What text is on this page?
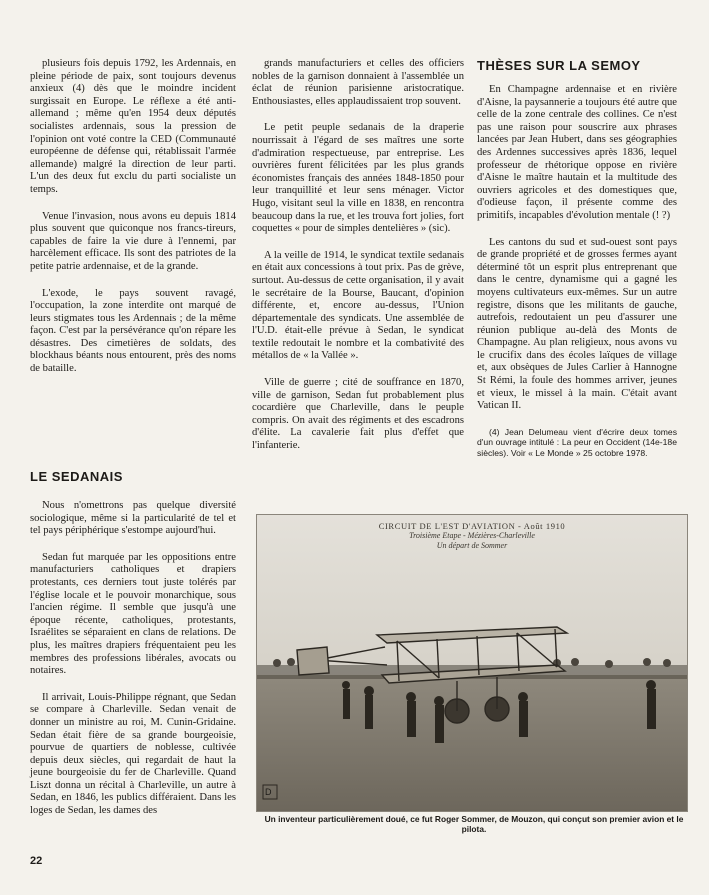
plusieurs fois depuis 1792, les Ardennais, en pleine période de paix, sont toujours devenus anxieux (4) dès que le moindre incident surgissait en Europe. Le réflexe a été anti-allemand ; même qu'en 1954 deux députés socialistes ardennais, sous la pression de l'opinion ont voté contre la CED (Communauté européenne de défense qui, rétablissait l'armée allemande) malgré la direction de leur parti. L'un des deux fut exclu du parti socialiste un temps.

Venue l'invasion, nous avons eu depuis 1814 plus souvent que quiconque nos francs-tireurs, capables de faire la vie dure à l'ennemi, par harcèlement efficace. Ils sont des patriotes de la petite patrie ardennaise, et de la grande.

L'exode, le pays souvent ravagé, l'occupation, la zone interdite ont marqué de leurs stigmates tous les Ardennais ; de la même façon. C'est par la persévérance qu'on répare les désastres. Des cimetières de soldats, des blockhaus béants nous entourent, près des noms de bataille.

LE SEDANAIS

Nous n'omettrons pas quelque diversité sociologique, même si la particularité de tel et tel pays périphérique s'estompe aujourd'hui.

Sedan fut marquée par les oppositions entre manufacturiers catholiques et drapiers protestants, ces derniers tout juste tolérés par l'église locale et le pouvoir monarchique, sous l'ancien régime. Il semble que jusqu'à une époque récente, catholiques, protestants, Israélites se séparaient en clans de relations. De plus, les maîtres drapiers fréquentaient peu les membres des professions libérales, avocats ou notaires.

Il arrivait, Louis-Philippe régnant, que Sedan se compare à Charleville. Sedan venait de donner un ministre au roi, M. Cunin-Gridaine. Sedan était fière de sa grande bourgeoisie, pourvue de quartiers de noblesse, cultivée depuis deux siècles, qui regardait de haut la jeune bourgeoisie du fer de Charleville. Quand Liszt donna un récital à Charleville, un autre à Sedan, en 1846, les publics différaient. Dans les loges de Sedan, les dames des

grands manufacturiers et celles des officiers nobles de la garnison donnaient à l'assemblée un éclat de réunion parisienne aristocratique. Enthousiastes, elles applaudissaient trop souvent.

Le petit peuple sedanais de la draperie nourrissait à l'égard de ses maîtres une sorte d'admiration respectueuse, par entreprise. Les ouvrières furent félicitées par les plus grands économistes français des années 1848-1850 pour leur tranquillité et leur sens ménager. Victor Hugo, visitant seul la ville en 1838, en rencontra beaucoup dans la rue, et les trouva fort jolies, fort coquettes « pour de simples dentelières » (sic).

A la veille de 1914, le syndicat textile sedanais en était aux concessions à tout prix. Pas de grève, surtout. Au-dessus de cette organisation, il y avait le secrétaire de la Bourse, Baucant, d'opinion différente, et, encore au-dessus, l'Union départementale des syndicats. Une assemblée de l'U.D. était-elle prévue à Sedan, le syndicat textile redoutait le nombre et la combativité des métallos de « la Vallée ».

Ville de guerre ; cité de souffrance en 1870, ville de garnison, Sedan fut probablement plus cocardière que Charleville, dans le peuple compris. On avait des régiments et des escadrons d'élite. La cavalerie fait plus d'effet que l'infanterie.

THÈSES SUR LA SEMOY

En Champagne ardennaise et en rivière d'Aisne, la paysannerie a toujours été autre que celle de la zone centrale des collines. Ce n'est pas une raison pour souscrire aux phrases lancées par Jean Hubert, dans ses géographies des Ardennes successives après 1836, lequel professeur de rhétorique oppose en rivière d'Aisne le maître hautain et la multitude des ouvriers agricoles et des domestiques que, d'odieuse façon, il présente comme des primitifs, incapables d'évolution mentale (! ?)

Les cantons du sud et sud-ouest sont pays de grande propriété et de grosses fermes ayant déterminé tôt un esprit plus entreprenant que dans le centre, dynamisme qui a gagné les moyens cultivateurs eux-mêmes. Sur un autre registre, disons que les militants de gauche, autrefois, redoutaient un peu d'assurer une réunion publique au-delà des Monts de Champagne. Au plan religieux, nous avons vu le crucifix dans des écoles laïques de village et, aux obsèques de Jules Carlier à Hannogne St Rémi, la foule des hommes arriver, jeunes et vieux, le missel à la main. C'était avant Vatican II.

(4) Jean Delumeau vient d'écrire deux tomes d'un ouvrage intitulé : La peur en Occident (14e-18e siècles). Voir « Le Monde » 25 octobre 1978.

CIRCUIT DE L'EST D'AVIATION - Août 1910
Troisième Etape - Mézières-Charleville
Un départ de Sommer
D
Un inventeur particulièrement doué, ce fut Roger Sommer, de Mouzon, qui conçut son premier avion et le pilota.
22
